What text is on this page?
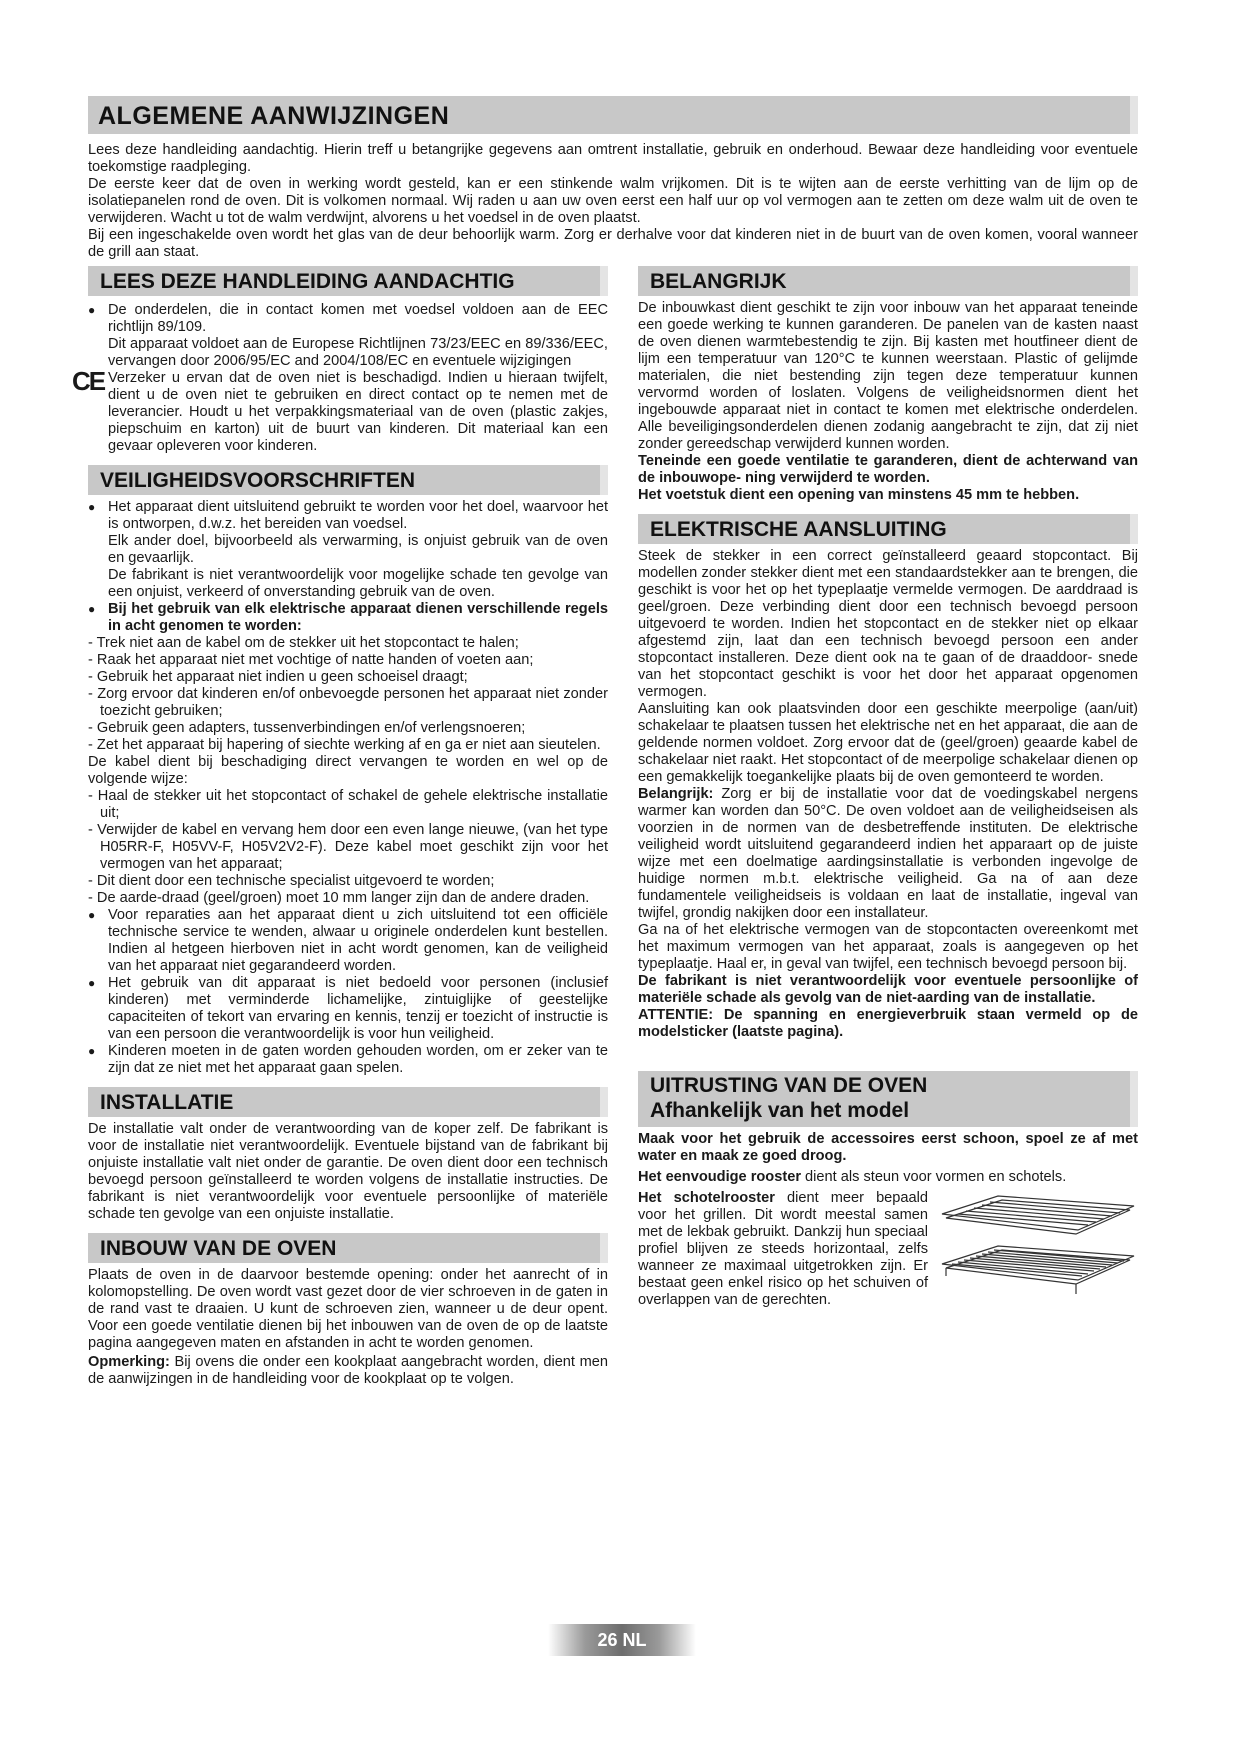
ALGEMENE AANWIJZINGEN

Lees deze handleiding aandachtig. Hierin treff u betangrijke gegevens aan omtrent installatie, gebruik en onderhoud. Bewaar deze handleiding voor eventuele toekomstige raadpleging.

De eerste keer dat de oven in werking wordt gesteld, kan er een stinkende walm vrijkomen. Dit is te wijten aan de eerste verhitting van de lijm op de isolatiepanelen rond de oven. Dit is volkomen normaal. Wij raden u aan uw oven eerst een half uur op vol vermogen aan te zetten om deze walm uit de oven te verwijderen. Wacht u tot de walm verdwijnt, alvorens u het voedsel in de oven plaatst.

Bij een ingeschakelde oven wordt het glas van de deur behoorlijk warm. Zorg er derhalve voor dat kinderen niet in de buurt van de oven komen, vooral wanneer de grill aan staat.

LEES DEZE HANDLEIDING AANDACHTIG
● De onderdelen, die in contact komen met voedsel voldoen aan de EEC richtlijn 89/109.
CE
Dit apparaat voldoet aan de Europese Richtlijnen 73/23/EEC en 89/336/EEC, vervangen door 2006/95/EC and 2004/108/EC en eventuele wijzigingen
Verzeker u ervan dat de oven niet is beschadigd. Indien u hieraan twijfelt, dient u de oven niet te gebruiken en direct contact op te nemen met de leverancier. Houdt u het verpakkingsmateriaal van de oven (plastic zakjes, piepschuim en karton) uit de buurt van kinderen. Dit materiaal kan een gevaar opleveren voor kinderen.
VEILIGHEIDSVOORSCHRIFTEN
● Het apparaat dient uitsluitend gebruikt te worden voor het doel, waarvoor het is ontworpen, d.w.z. het bereiden van voedsel.
Elk ander doel, bijvoorbeeld als verwarming, is onjuist gebruik van de oven en gevaarlijk.
De fabrikant is niet verantwoordelijk voor mogelijke schade ten gevolge van een onjuist, verkeerd of onverstanding gebruik van de oven.
● Bij het gebruik van elk elektrische apparaat dienen verschillende regels in acht genomen te worden:

- Trek niet aan de kabel om de stekker uit het stopcontact te halen;

- Raak het apparaat niet met vochtige of natte handen of voeten aan;

- Gebruik het apparaat niet indien u geen schoeisel draagt;

- Zorg ervoor dat kinderen en/of onbevoegde personen het apparaat niet zonder toezicht gebruiken;

- Gebruik geen adapters, tussenverbindingen en/of verlengsnoeren;

- Zet het apparaat bij hapering of siechte werking af en ga er niet aan sieutelen.

De kabel dient bij beschadiging direct vervangen te worden en wel op de volgende wijze:

- Haal de stekker uit het stopcontact of schakel de gehele elektrische installatie uit;

- Verwijder de kabel en vervang hem door een even lange nieuwe, (van het type H05RR-F, H05VV-F, H05V2V2-F). Deze kabel moet geschikt zijn voor het vermogen van het apparaat;

- Dit dient door een technische specialist uitgevoerd te worden;

- De aarde-draad (geel/groen) moet 10 mm langer zijn dan de andere draden.

● Voor reparaties aan het apparaat dient u zich uitsluitend tot een officiële technische service te wenden, alwaar u originele onderdelen kunt bestellen. Indien al hetgeen hierboven niet in acht wordt genomen, kan de veiligheid van het apparaat niet gegarandeerd worden.
● Het gebruik van dit apparaat is niet bedoeld voor personen (inclusief kinderen) met verminderde lichamelijke, zintuiglijke of geestelijke capaciteiten of tekort van ervaring en kennis, tenzij er toezicht of instructie is van een persoon die verantwoordelijk is voor hun veiligheid.
● Kinderen moeten in de gaten worden gehouden worden, om er zeker van te zijn dat ze niet met het apparaat gaan spelen.
INSTALLATIE
De installatie valt onder de verantwoording van de koper zelf. De fabrikant is voor de installatie niet verantwoordelijk. Eventuele bijstand van de fabrikant bij onjuiste installatie valt niet onder de garantie. De oven dient door een technisch bevoegd persoon geïnstalleerd te worden volgens de installatie instructies. De fabrikant is niet verantwoordelijk voor eventuele persoonlijke of materiële schade ten gevolge van een onjuiste installatie.
INBOUW VAN DE OVEN

Plaats de oven in de daarvoor bestemde opening: onder het aanrecht of in kolomopstelling. De oven wordt vast gezet door de vier schroeven in de gaten in de rand vast te draaien. U kunt de schroeven zien, wanneer u de deur opent. Voor een goede ventilatie dienen bij het inbouwen van de oven de op de laatste pagina aangegeven maten en afstanden in acht te worden genomen.

Opmerking: Bij ovens die onder een kookplaat aangebracht worden, dient men de aanwijzingen in de handleiding voor de kookplaat op te volgen.

BELANGRIJK

De inbouwkast dient geschikt te zijn voor inbouw van het apparaat teneinde een goede werking te kunnen garanderen. De panelen van de kasten naast de oven dienen warmtebestendig te zijn. Bij kasten met houtfineer dient de lijm een temperatuur van 120°C te kunnen weerstaan. Plastic of gelijmde materialen, die niet bestending zijn tegen deze temperatuur kunnen vervormd worden of loslaten. Volgens de veiligheidsnormen dient het ingebouwde apparaat niet in contact te komen met elektrische onderdelen. Alle beveiligingsonderdelen dienen zodanig aangebracht te zijn, dat zij niet zonder gereedschap verwijderd kunnen worden.

Teneinde een goede ventilatie te garanderen, dient de achterwand van de inbouwope- ning verwijderd te worden.

Het voetstuk dient een opening van minstens 45 mm te hebben.

ELEKTRISCHE AANSLUITING

Steek de stekker in een correct geïnstalleerd geaard stopcontact. Bij modellen zonder stekker dient met een standaardstekker aan te brengen, die geschikt is voor het op het typeplaatje vermelde vermogen. De aarddraad is geel/groen. Deze verbinding dient door een technisch bevoegd persoon uitgevoerd te worden. Indien het stopcontact en de stekker niet op elkaar afgestemd zijn, laat dan een technisch bevoegd persoon een ander stopcontact installeren. Deze dient ook na te gaan of de draaddoor- snede van het stopcontact geschikt is voor het door het apparaat opgenomen vermogen.

Aansluiting kan ook plaatsvinden door een geschikte meerpolige (aan/uit) schakelaar te plaatsen tussen het elektrische net en het apparaat, die aan de geldende normen voldoet. Zorg ervoor dat de (geel/groen) geaarde kabel de schakelaar niet raakt. Het stopcontact of de meerpolige schakelaar dienen op een gemakkelijk toegankelijke plaats bij de oven gemonteerd te worden.

Belangrijk: Zorg er bij de installatie voor dat de voedingskabel nergens warmer kan worden dan 50°C. De oven voldoet aan de veiligheidseisen als voorzien in de normen van de desbetreffende instituten. De elektrische veiligheid wordt uitsluitend gegarandeerd indien het apparaart op de juiste wijze met een doelmatige aardingsinstallatie is verbonden ingevolge de huidige normen m.b.t. elektrische veiligheid. Ga na of aan deze fundamentele veiligheidseis is voldaan en laat de installatie, ingeval van twijfel, grondig nakijken door een installateur.

Ga na of het elektrische vermogen van de stopcontacten overeenkomt met het maximum vermogen van het apparaat, zoals is aangegeven op het typeplaatje. Haal er, in geval van twijfel, een technisch bevoegd persoon bij.

De fabrikant is niet verantwoordelijk voor eventuele persoonlijke of materiële schade als gevolg van de niet-aarding van de installatie.

ATTENTIE: De spanning en energieverbruik staan vermeld op de modelsticker (laatste pagina).

UITRUSTING VAN DE OVEN
Afhankelijk van het model

Maak voor het gebruik de accessoires eerst schoon, spoel ze af met water en maak ze goed droog.

Het eenvoudige rooster dient als steun voor vormen en schotels.

Het schotelrooster dient meer bepaald voor het grillen. Dit wordt meestal samen met de lekbak gebruikt. Dankzij hun speciaal profiel blijven ze steeds horizontaal, zelfs wanneer ze maximaal uitgetrokken zijn. Er bestaat geen enkel risico op het schuiven of overlappen van de gerechten.

26 NL
